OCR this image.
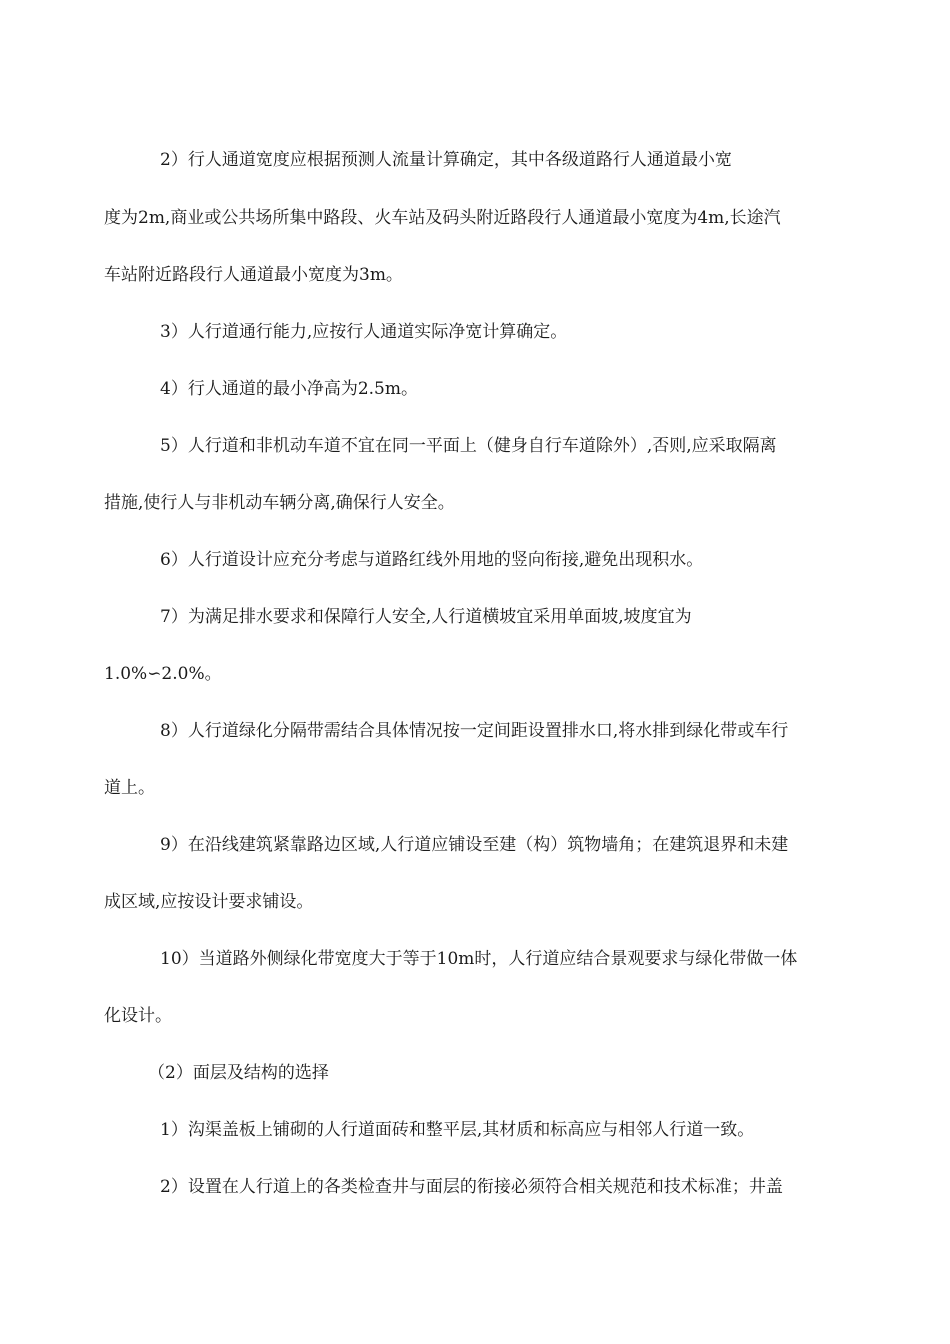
2）行人通道宽度应根据预测人流量计算确定，其中各级道路行人通道最小宽
度为2m,商业或公共场所集中路段、火车站及码头附近路段行人通道最小宽度为4m,长途汽
车站附近路段行人通道最小宽度为3m。
3）人行道通行能力,应按行人通道实际净宽计算确定。
4）行人通道的最小净高为2.5m。
5）人行道和非机动车道不宜在同一平面上（健身自行车道除外）,否则,应采取隔离
措施,使行人与非机动车辆分离,确保行人安全。
6）人行道设计应充分考虑与道路红线外用地的竖向衔接,避免出现积水。
7）为满足排水要求和保障行人安全,人行道横坡宜采用单面坡,坡度宜为
1.0%∽2.0%。
8）人行道绿化分隔带需结合具体情况按一定间距设置排水口,将水排到绿化带或车行
道上。
9）在沿线建筑紧靠路边区域,人行道应铺设至建（构）筑物墙角；在建筑退界和未建
成区域,应按设计要求铺设。
10）当道路外侧绿化带宽度大于等于10m时，人行道应结合景观要求与绿化带做一体
化设计。
（2）面层及结构的选择
1）沟渠盖板上铺砌的人行道面砖和整平层,其材质和标高应与相邻人行道一致。
2）设置在人行道上的各类检查井与面层的衔接必须符合相关规范和技术标准；井盖
